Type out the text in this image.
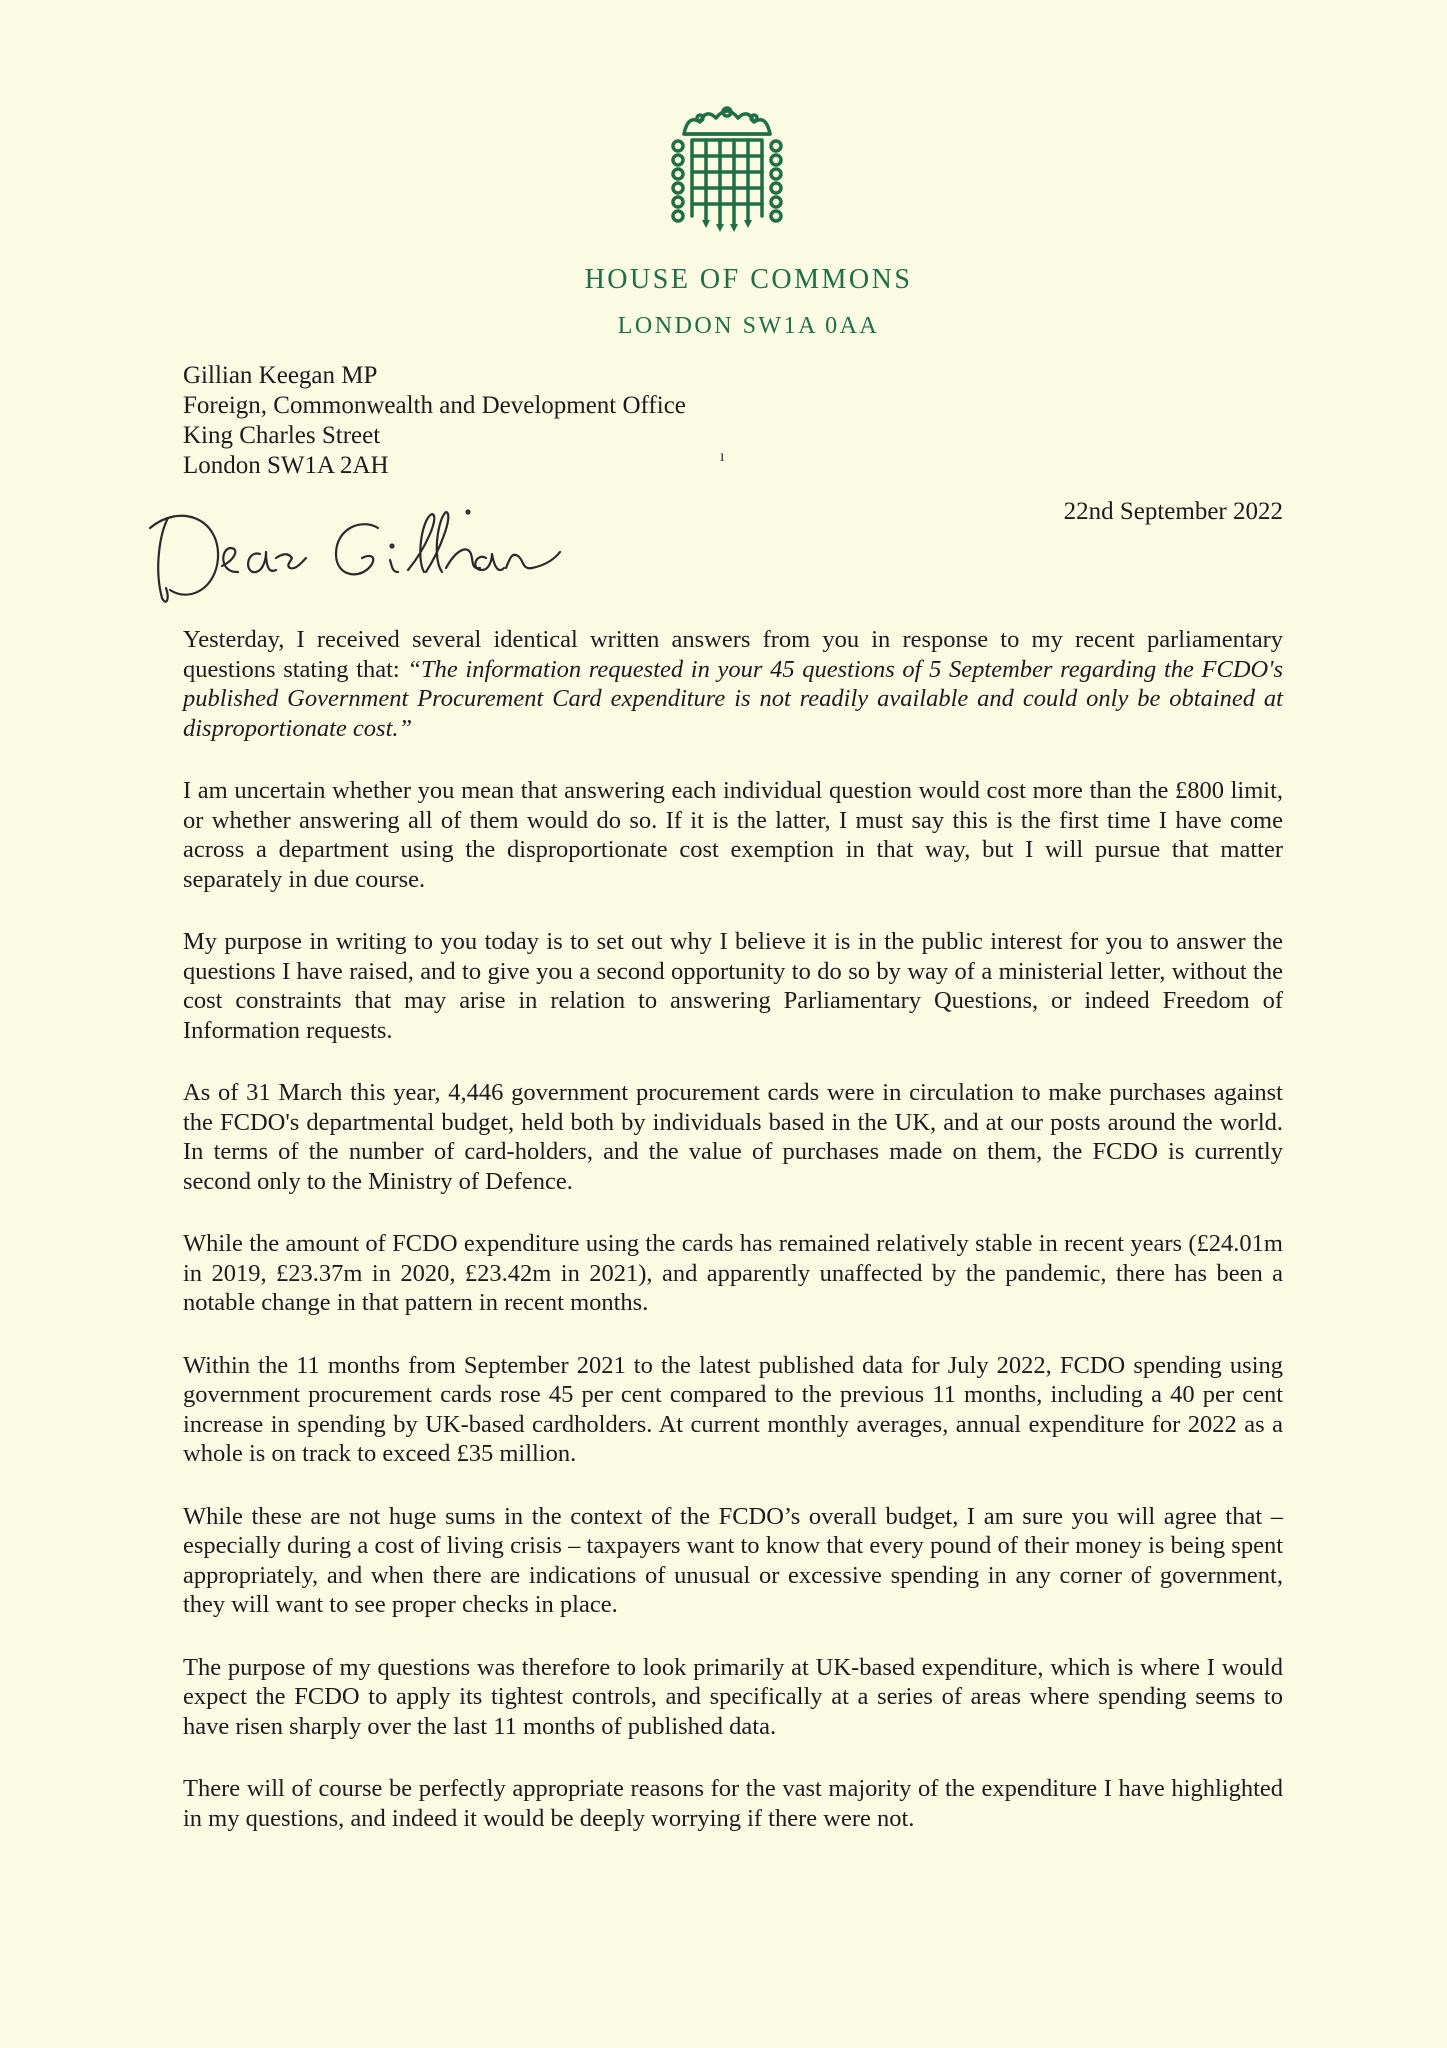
HOUSE OF COMMONS
LONDON SW1A 0AA
Gillian Keegan MP
Foreign, Commonwealth and Development Office
King Charles Street
London SW1A 2AH	ı
22nd September 2022

Yesterday, I received several identical written answers from you in response to my recent parliamentary questions stating that: “The information requested in your 45 questions of 5 September regarding the FCDO's published Government Procurement Card expenditure is not readily available and could only be obtained at disproportionate cost.”

I am uncertain whether you mean that answering each individual question would cost more than the £800 limit, or whether answering all of them would do so. If it is the latter, I must say this is the first time I have come across a department using the disproportionate cost exemption in that way, but I will pursue that matter separately in due course.

My purpose in writing to you today is to set out why I believe it is in the public interest for you to answer the questions I have raised, and to give you a second opportunity to do so by way of a ministerial letter, without the cost constraints that may arise in relation to answering Parliamentary Questions, or indeed Freedom of Information requests.

As of 31 March this year, 4,446 government procurement cards were in circulation to make purchases against the FCDO's departmental budget, held both by individuals based in the UK, and at our posts around the world. In terms of the number of card-holders, and the value of purchases made on them, the FCDO is currently second only to the Ministry of Defence.

While the amount of FCDO expenditure using the cards has remained relatively stable in recent years (£24.01m in 2019, £23.37m in 2020, £23.42m in 2021), and apparently unaffected by the pandemic, there has been a notable change in that pattern in recent months.

Within the 11 months from September 2021 to the latest published data for July 2022, FCDO spending using government procurement cards rose 45 per cent compared to the previous 11 months, including a 40 per cent increase in spending by UK-based cardholders. At current monthly averages, annual expenditure for 2022 as a whole is on track to exceed £35 million.

While these are not huge sums in the context of the FCDO’s overall budget, I am sure you will agree that – especially during a cost of living crisis – taxpayers want to know that every pound of their money is being spent appropriately, and when there are indications of unusual or excessive spending in any corner of government, they will want to see proper checks in place.

The purpose of my questions was therefore to look primarily at UK-based expenditure, which is where I would expect the FCDO to apply its tightest controls, and specifically at a series of areas where spending seems to have risen sharply over the last 11 months of published data.

There will of course be perfectly appropriate reasons for the vast majority of the expenditure I have highlighted in my questions, and indeed it would be deeply worrying if there were not.
